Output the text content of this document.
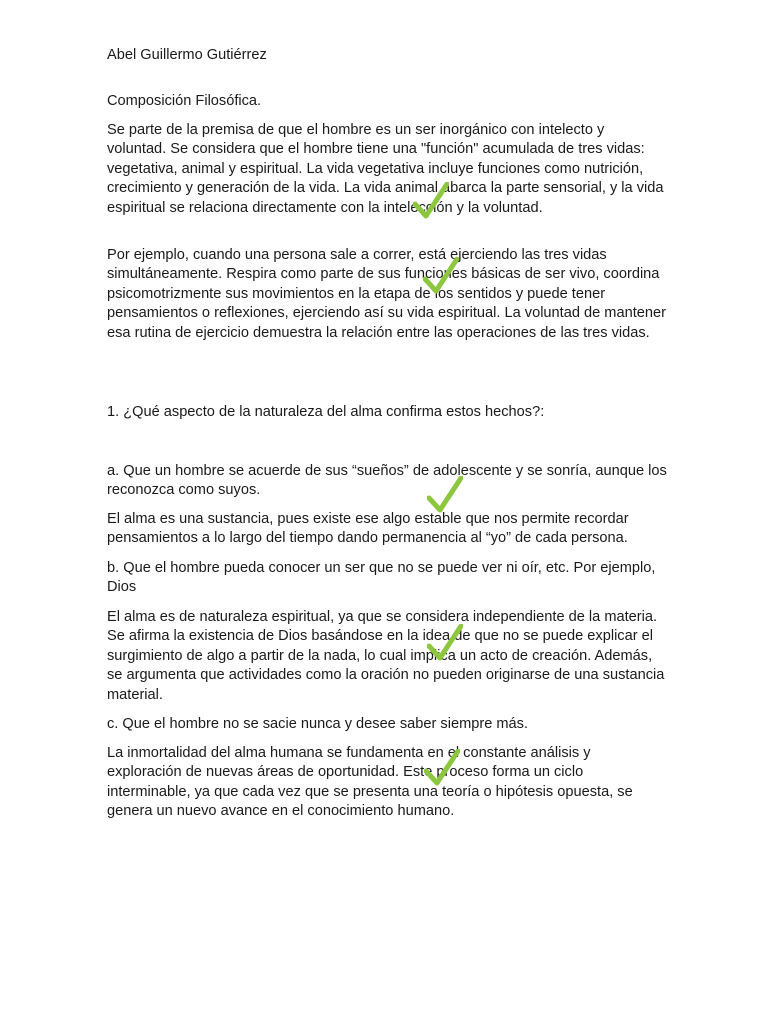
Abel Guillermo Gutiérrez

Composición Filosófica.

Se parte de la premisa de que el hombre es un ser inorgánico con intelecto y voluntad. Se considera que el hombre tiene una "función" acumulada de tres vidas: vegetativa, animal y espiritual. La vida vegetativa incluye funciones como nutrición, crecimiento y generación de la vida. La vida animal abarca la parte sensorial, y la vida espiritual se relaciona directamente con la intelección y la voluntad.

Por ejemplo, cuando una persona sale a correr, está ejerciendo las tres vidas simultáneamente. Respira como parte de sus funciones básicas de ser vivo, coordina psicomotrizmente sus movimientos en la etapa de los sentidos y puede tener pensamientos o reflexiones, ejerciendo así su vida espiritual. La voluntad de mantener esa rutina de ejercicio demuestra la relación entre las operaciones de las tres vidas.

1. ¿Qué aspecto de la naturaleza del alma confirma estos hechos?:

a. Que un hombre se acuerde de sus “sueños” de adolescente y se sonría, aunque los reconozca como suyos.

El alma es una sustancia, pues existe ese algo estable que nos permite recordar pensamientos a lo largo del tiempo dando permanencia al “yo” de cada persona.

b. Que el hombre pueda conocer un ser que no se puede ver ni oír, etc. Por ejemplo, Dios

El alma es de naturaleza espiritual, ya que se considera independiente de la materia. Se afirma la existencia de Dios basándose en la idea de que no se puede explicar el surgimiento de algo a partir de la nada, lo cual implica un acto de creación. Además, se argumenta que actividades como la oración no pueden originarse de una sustancia material.

c. Que el hombre no se sacie nunca y desee saber siempre más.

La inmortalidad del alma humana se fundamenta en el constante análisis y exploración de nuevas áreas de oportunidad. Este proceso forma un ciclo interminable, ya que cada vez que se presenta una teoría o hipótesis opuesta, se genera un nuevo avance en el conocimiento humano.
